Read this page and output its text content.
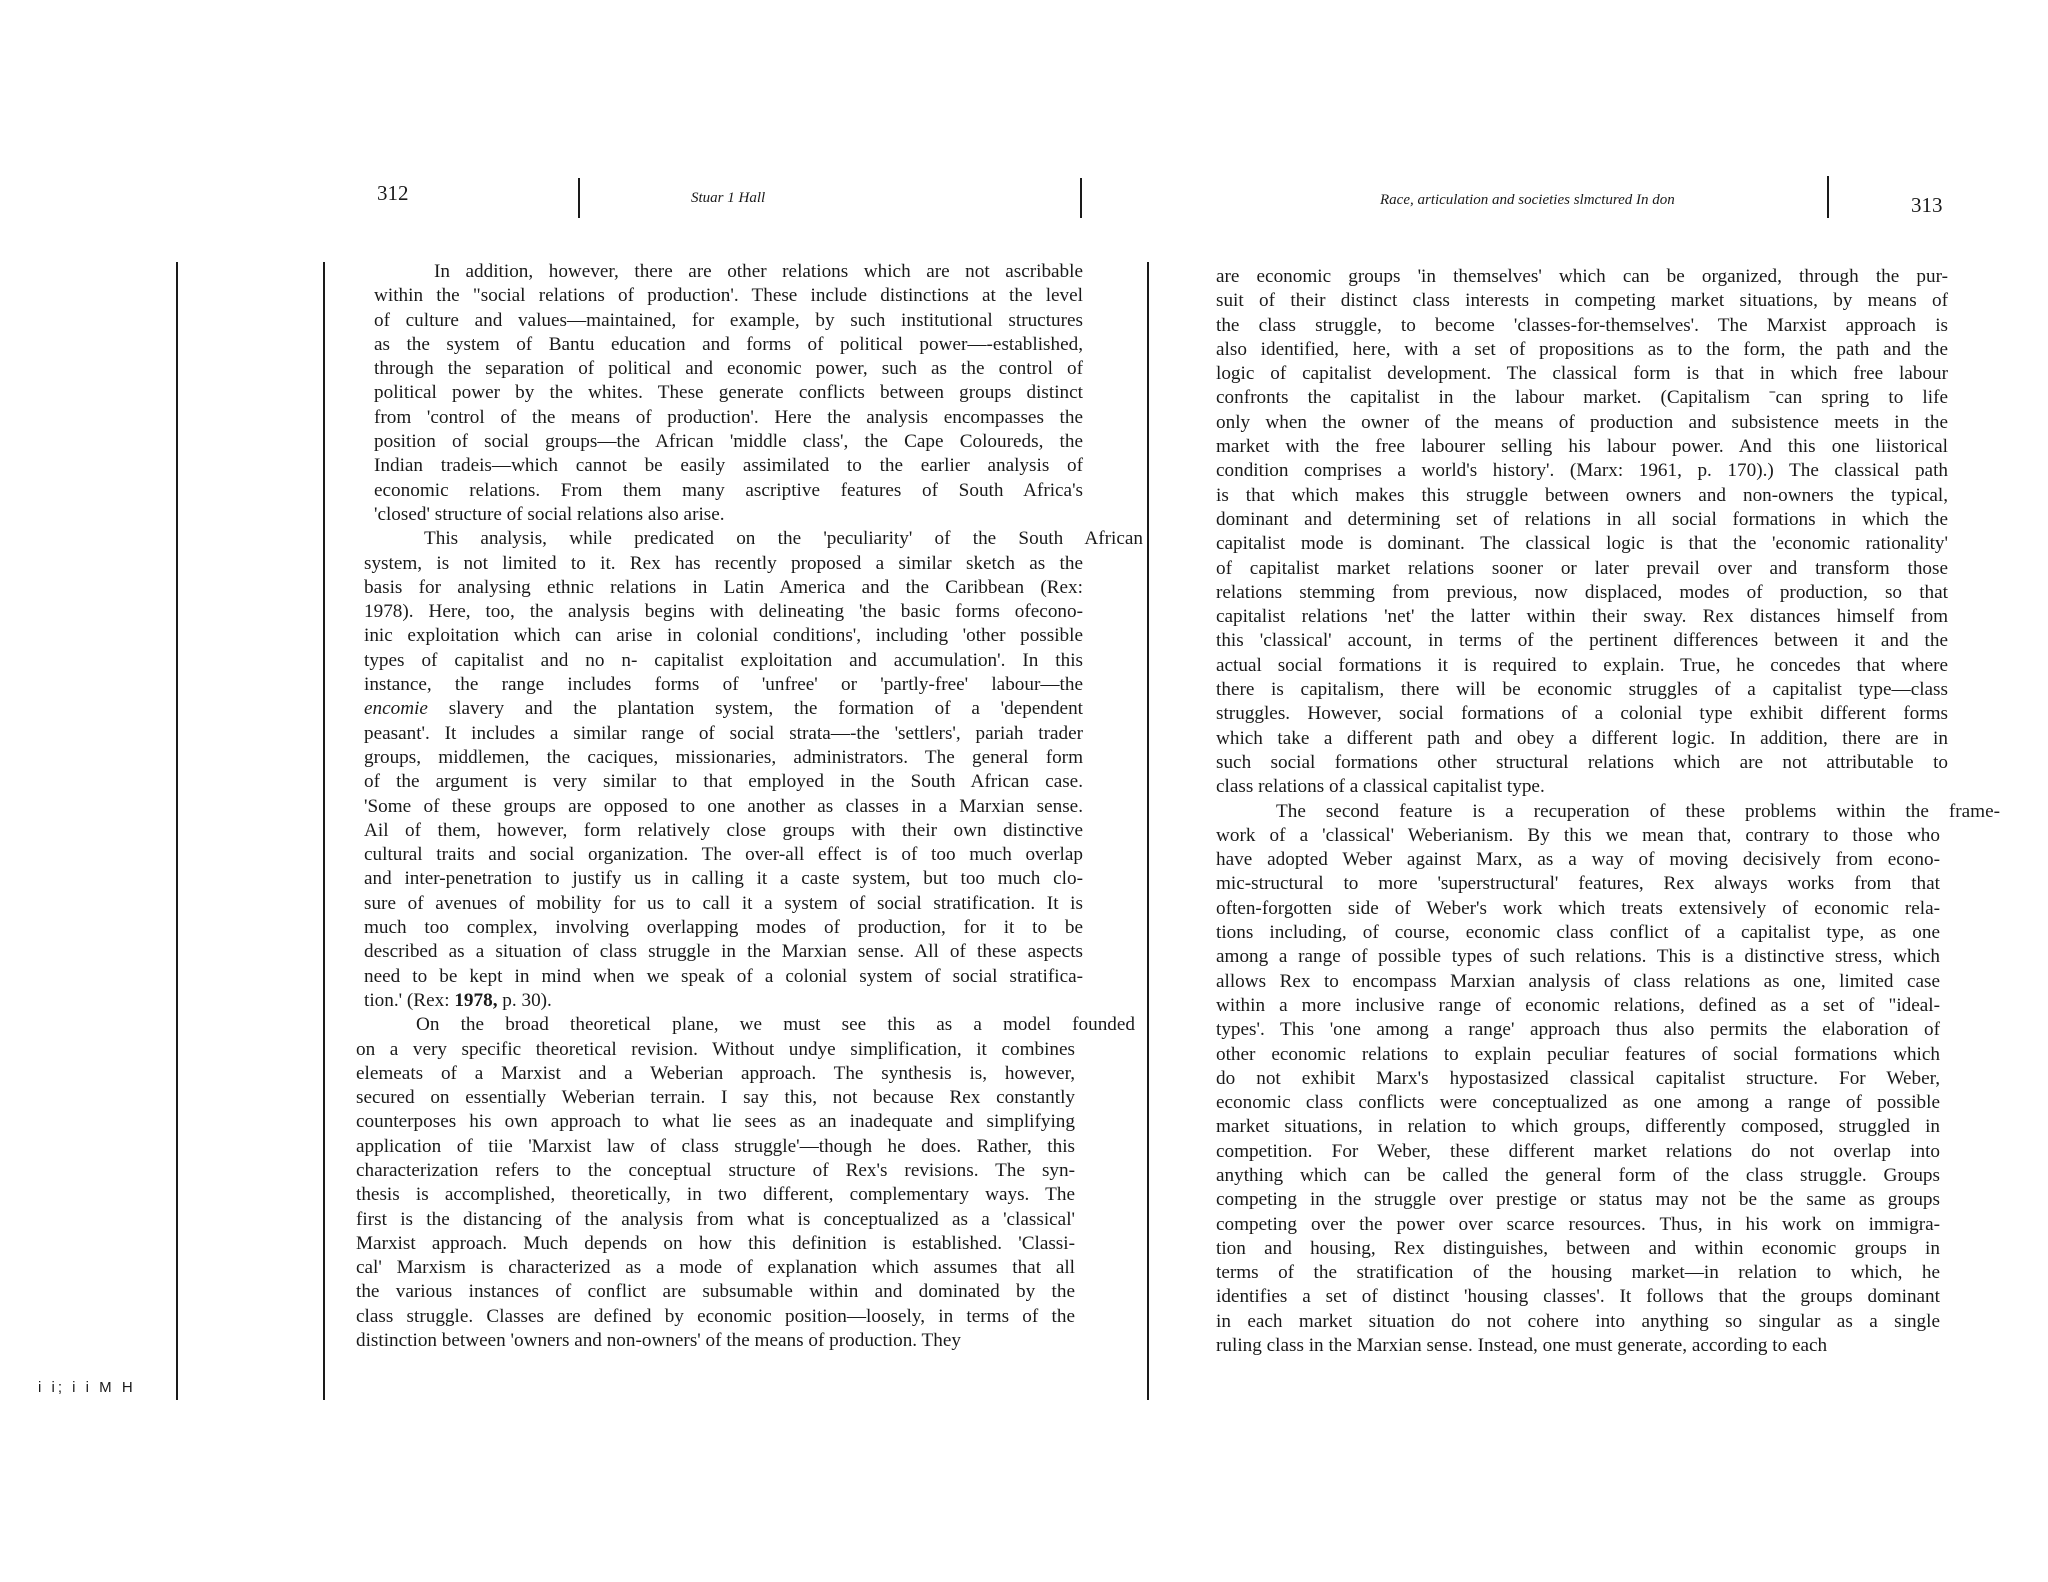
312	Stuar 1 Hall	Race, articulation and societies slmctured In don	313
i i; i i M H
In addition, however, there are other relations which are not ascribable
within the "social relations of production'. These include distinctions at the level
of culture and values—maintained, for example, by such institutional structures
as the system of Bantu education and forms of political power—-established,
through the separation of political and economic power, such as the control of
political power by the whites. These generate conflicts between groups distinct
from 'control of the means of production'. Here the analysis encompasses the
position of social groups—the African 'middle class', the Cape Coloureds, the
Indian tradeis—which cannot be easily assimilated to the earlier analysis of
economic relations. From them many ascriptive features of South Africa's
'closed' structure of social relations also arise.
This analysis, while predicated on the 'peculiarity' of the South African
system, is not limited to it. Rex has recently proposed a similar sketch as the
basis for analysing ethnic relations in Latin America and the Caribbean (Rex:
1978). Here, too, the analysis begins with delineating 'the basic forms ofecono-
inic exploitation which can arise in colonial conditions', including 'other possible
types of capitalist and no n- capitalist exploitation and accumulation'. In this
instance, the range includes forms of 'unfree' or 'partly-free' labour—the
encomie slavery and the plantation system, the formation of a 'dependent
peasant'. It includes a similar range of social strata—-the 'settlers', pariah trader
groups, middlemen, the caciques, missionaries, administrators. The general form
of the argument is very similar to that employed in the South African case.
'Some of these groups are opposed to one another as classes in a Marxian sense.
Ail of them, however, form relatively close groups with their own distinctive
cultural traits and social organization. The over-all effect is of too much overlap
and inter-penetration to justify us in calling it a caste system, but too much clo-
sure of avenues of mobility for us to call it a system of social stratification. It is
much too complex, involving overlapping modes of production, for it to be
described as a situation of class struggle in the Marxian sense. All of these aspects
need to be kept in mind when we speak of a colonial system of social stratifica-
tion.' (Rex: 1978, p. 30).
On the broad theoretical plane, we must see this as a model founded
on a very specific theoretical revision. Without undye simplification, it combines
elemeats of a Marxist and a Weberian approach. The synthesis is, however,
secured on essentially Weberian terrain. I say this, not because Rex constantly
counterposes his own approach to what lie sees as an inadequate and simplifying
application of tiie 'Marxist law of class struggle'—though he does. Rather, this
characterization refers to the conceptual structure of Rex's revisions. The syn-
thesis is accomplished, theoretically, in two different, complementary ways. The
first is the distancing of the analysis from what is conceptualized as a 'classical'
Marxist approach. Much depends on how this definition is established. 'Classi-
cal' Marxism is characterized as a mode of explanation which assumes that all
the various instances of conflict are subsumable within and dominated by the
class struggle. Classes are defined by economic position—loosely, in terms of the
distinction between 'owners and non-owners' of the means of production. They
are economic groups 'in themselves' which can be organized, through the pur-
suit of their distinct class interests in competing market situations, by means of
the class struggle, to become 'classes-for-themselves'. The Marxist approach is
also identified, here, with a set of propositions as to the form, the path and the
logic of capitalist development. The classical form is that in which free labour
confronts the capitalist in the labour market. (Capitalism ˉcan spring to life
only when the owner of the means of production and subsistence meets in the
market with the free labourer selling his labour power. And this one liistorical
condition comprises a world's history'. (Marx: 1961, p. 170).) The classical path
is that which makes this struggle between owners and non-owners the typical,
dominant and determining set of relations in all social formations in which the
capitalist mode is dominant. The classical logic is that the 'economic rationality'
of capitalist market relations sooner or later prevail over and transform those
relations stemming from previous, now displaced, modes of production, so that
capitalist relations 'net' the latter within their sway. Rex distances himself from
this 'classical' account, in terms of the pertinent differences between it and the
actual social formations it is required to explain. True, he concedes that where
there is capitalism, there will be economic struggles of a capitalist type—class
struggles. However, social formations of a colonial type exhibit different forms
which take a different path and obey a different logic. In addition, there are in
such social formations other structural relations which are not attributable to
class relations of a classical capitalist type.
The second feature is a recuperation of these problems within the frame-
work of a 'classical' Weberianism. By this we mean that, contrary to those who
have adopted Weber against Marx, as a way of moving decisively from econo-
mic-structural to more 'superstructural' features, Rex always works from that
often-forgotten side of Weber's work which treats extensively of economic rela-
tions including, of course, economic class conflict of a capitalist type, as one
among a range of possible types of such relations. This is a distinctive stress, which
allows Rex to encompass Marxian analysis of class relations as one, limited case
within a more inclusive range of economic relations, defined as a set of "ideal-
types'. This 'one among a range' approach thus also permits the elaboration of
other economic relations to explain peculiar features of social formations which
do not exhibit Marx's hypostasized classical capitalist structure. For Weber,
economic class conflicts were conceptualized as one among a range of possible
market situations, in relation to which groups, differently composed, struggled in
competition. For Weber, these different market relations do not overlap into
anything which can be called the general form of the class struggle. Groups
competing in the struggle over prestige or status may not be the same as groups
competing over the power over scarce resources. Thus, in his work on immigra-
tion and housing, Rex distinguishes, between and within economic groups in
terms of the stratification of the housing market—in relation to which, he
identifies a set of distinct 'housing classes'. It follows that the groups dominant
in each market situation do not cohere into anything so singular as a single
ruling class in the Marxian sense. Instead, one must generate, according to each
